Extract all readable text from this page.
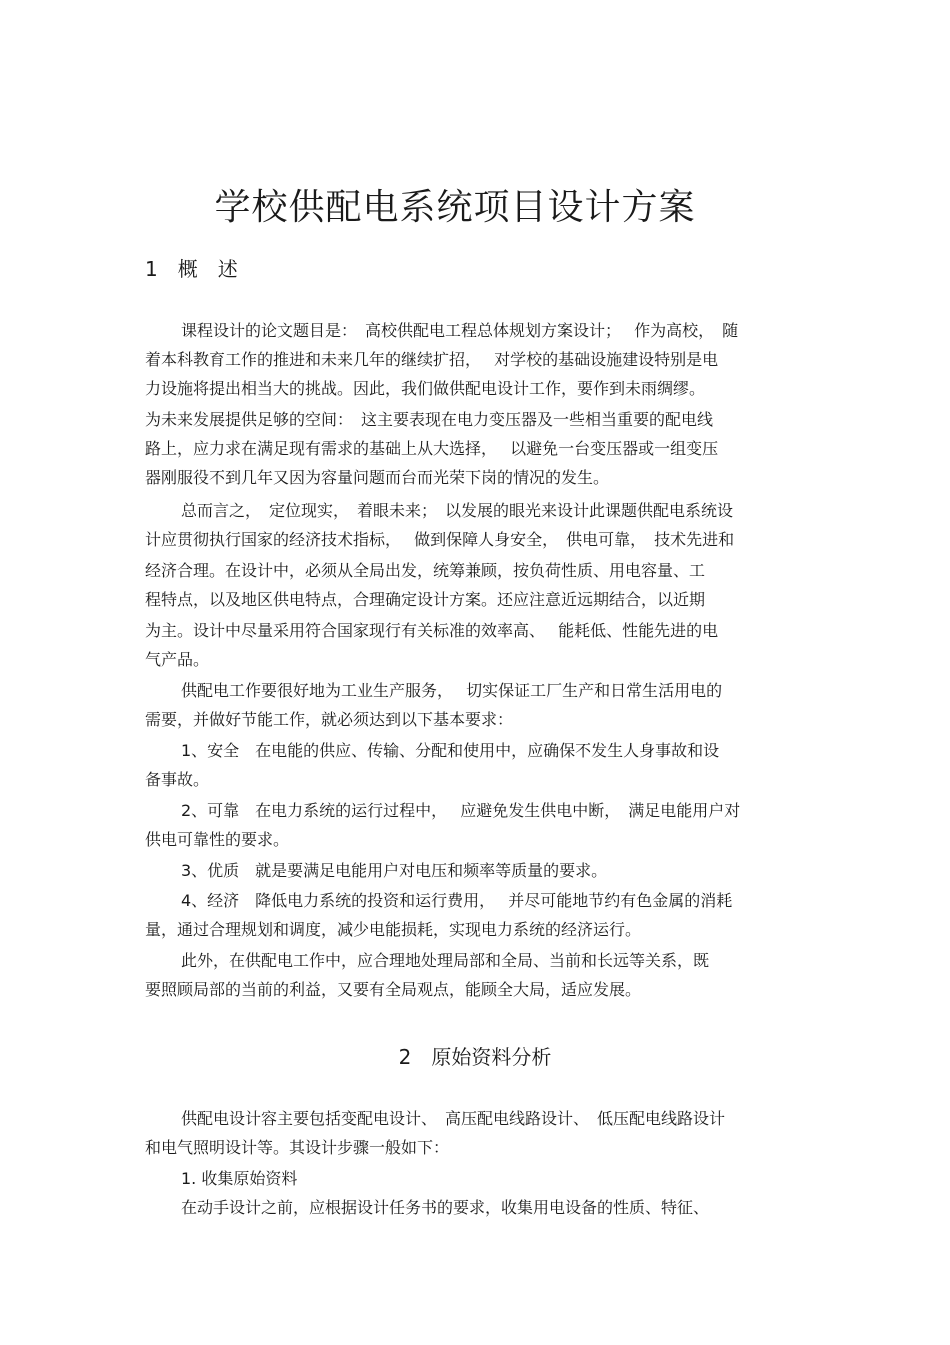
学校供配电系统项目设计方案
1　概　述
课程设计的论文题目是：　高校供配电工程总体规划方案设计；　 作为高校，　随
着本科教育工作的推进和未来几年的继续扩招，　 对学校的基础设施建设特别是电
力设施将提出相当大的挑战。因此，我们做供配电设计工作，要作到未雨绸缪。
为未来发展提供足够的空间：　这主要表现在电力变压器及一些相当重要的配电线
路上，应力求在满足现有需求的基础上从大选择，　 以避免一台变压器或一组变压
器刚服役不到几年又因为容量问题而台而光荣下岗的情况的发生。
总而言之，　定位现实，　着眼未来；　以发展的眼光来设计此课题供配电系统设
计应贯彻执行国家的经济技术指标，　 做到保障人身安全，　供电可靠，　技术先进和
经济合理。在设计中，必须从全局出发，统筹兼顾，按负荷性质、用电容量、工
程特点，以及地区供电特点，合理确定设计方案。还应注意近远期结合，以近期
为主。设计中尽量采用符合国家现行有关标准的效率高、　 能耗低、性能先进的电
气产品。
供配电工作要很好地为工业生产服务，　 切实保证工厂生产和日常生活用电的
需要，并做好节能工作，就必须达到以下基本要求：
1、安全　在电能的供应、传输、分配和使用中，应确保不发生人身事故和设
备事故。
2、可靠　在电力系统的运行过程中，　 应避免发生供电中断，　满足电能用户对
供电可靠性的要求。
3、优质　就是要满足电能用户对电压和频率等质量的要求。
4、经济　降低电力系统的投资和运行费用，　 并尽可能地节约有色金属的消耗
量，通过合理规划和调度，减少电能损耗，实现电力系统的经济运行。
此外，在供配电工作中，应合理地处理局部和全局、当前和长远等关系，既
要照顾局部的当前的利益，又要有全局观点，能顾全大局，适应发展。
2　原始资料分析
供配电设计容主要包括变配电设计、　高压配电线路设计、　低压配电线路设计
和电气照明设计等。其设计步骤一般如下：
1. 收集原始资料
在动手设计之前，应根据设计任务书的要求，收集用电设备的性质、特征、
